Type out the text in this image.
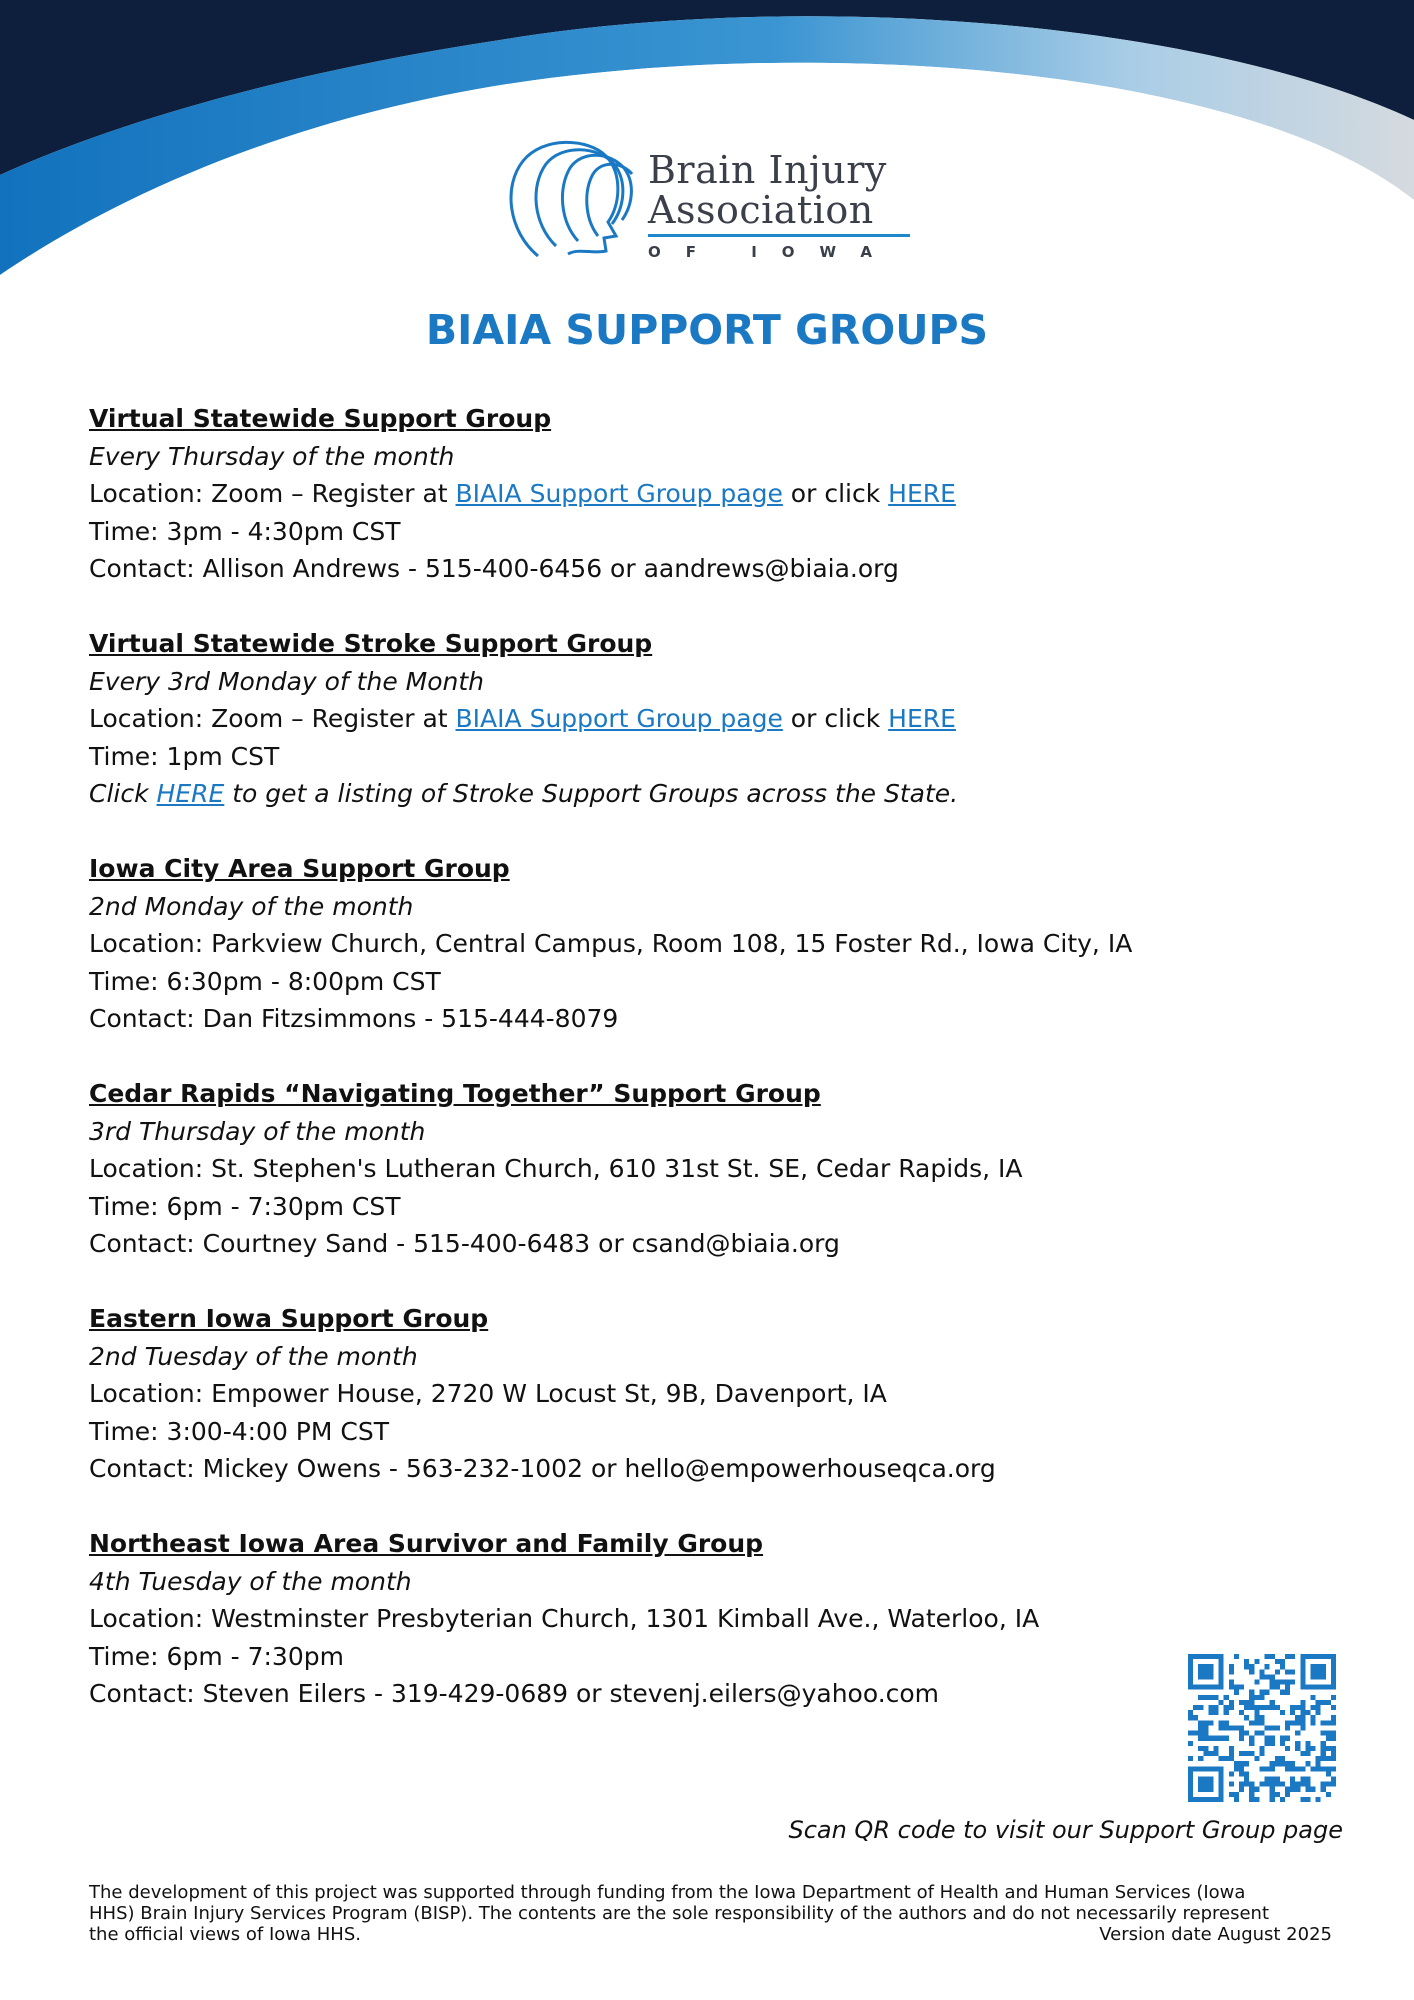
Brain Injury
Association
OF IOWA
BIAIA SUPPORT GROUPS
Virtual Statewide Support Group
Every Thursday of the month
Location: Zoom – Register at BIAIA Support Group page or click HERE
Time: 3pm - 4:30pm CST
Contact: Allison Andrews - 515-400-6456 or aandrews@biaia.org
Virtual Statewide Stroke Support Group
Every 3rd Monday of the Month
Location: Zoom – Register at BIAIA Support Group page or click HERE
Time: 1pm CST
Click HERE to get a listing of Stroke Support Groups across the State.
Iowa City Area Support Group
2nd Monday of the month
Location: Parkview Church, Central Campus, Room 108, 15 Foster Rd., Iowa City, IA
Time: 6:30pm - 8:00pm CST
Contact: Dan Fitzsimmons - 515-444-8079
Cedar Rapids “Navigating Together” Support Group
3rd Thursday of the month
Location: St. Stephen's Lutheran Church, 610 31st St. SE, Cedar Rapids, IA
Time: 6pm - 7:30pm CST
Contact: Courtney Sand - 515-400-6483 or csand@biaia.org
Eastern Iowa Support Group
2nd Tuesday of the month
Location: Empower House, 2720 W Locust St, 9B, Davenport, IA
Time: 3:00-4:00 PM CST
Contact: Mickey Owens - 563-232-1002 or hello@empowerhouseqca.org
Northeast Iowa Area Survivor and Family Group
4th Tuesday of the month
Location: Westminster Presbyterian Church, 1301 Kimball Ave., Waterloo, IA
Time: 6pm - 7:30pm
Contact: Steven Eilers - 319-429-0689 or stevenj.eilers@yahoo.com
Scan QR code to visit our Support Group page
The development of this project was supported through funding from the Iowa Department of Health and Human Services (Iowa
HHS) Brain Injury Services Program (BISP). The contents are the sole responsibility of the authors and do not necessarily represent
the official views of Iowa HHS.	Version date August 2025
